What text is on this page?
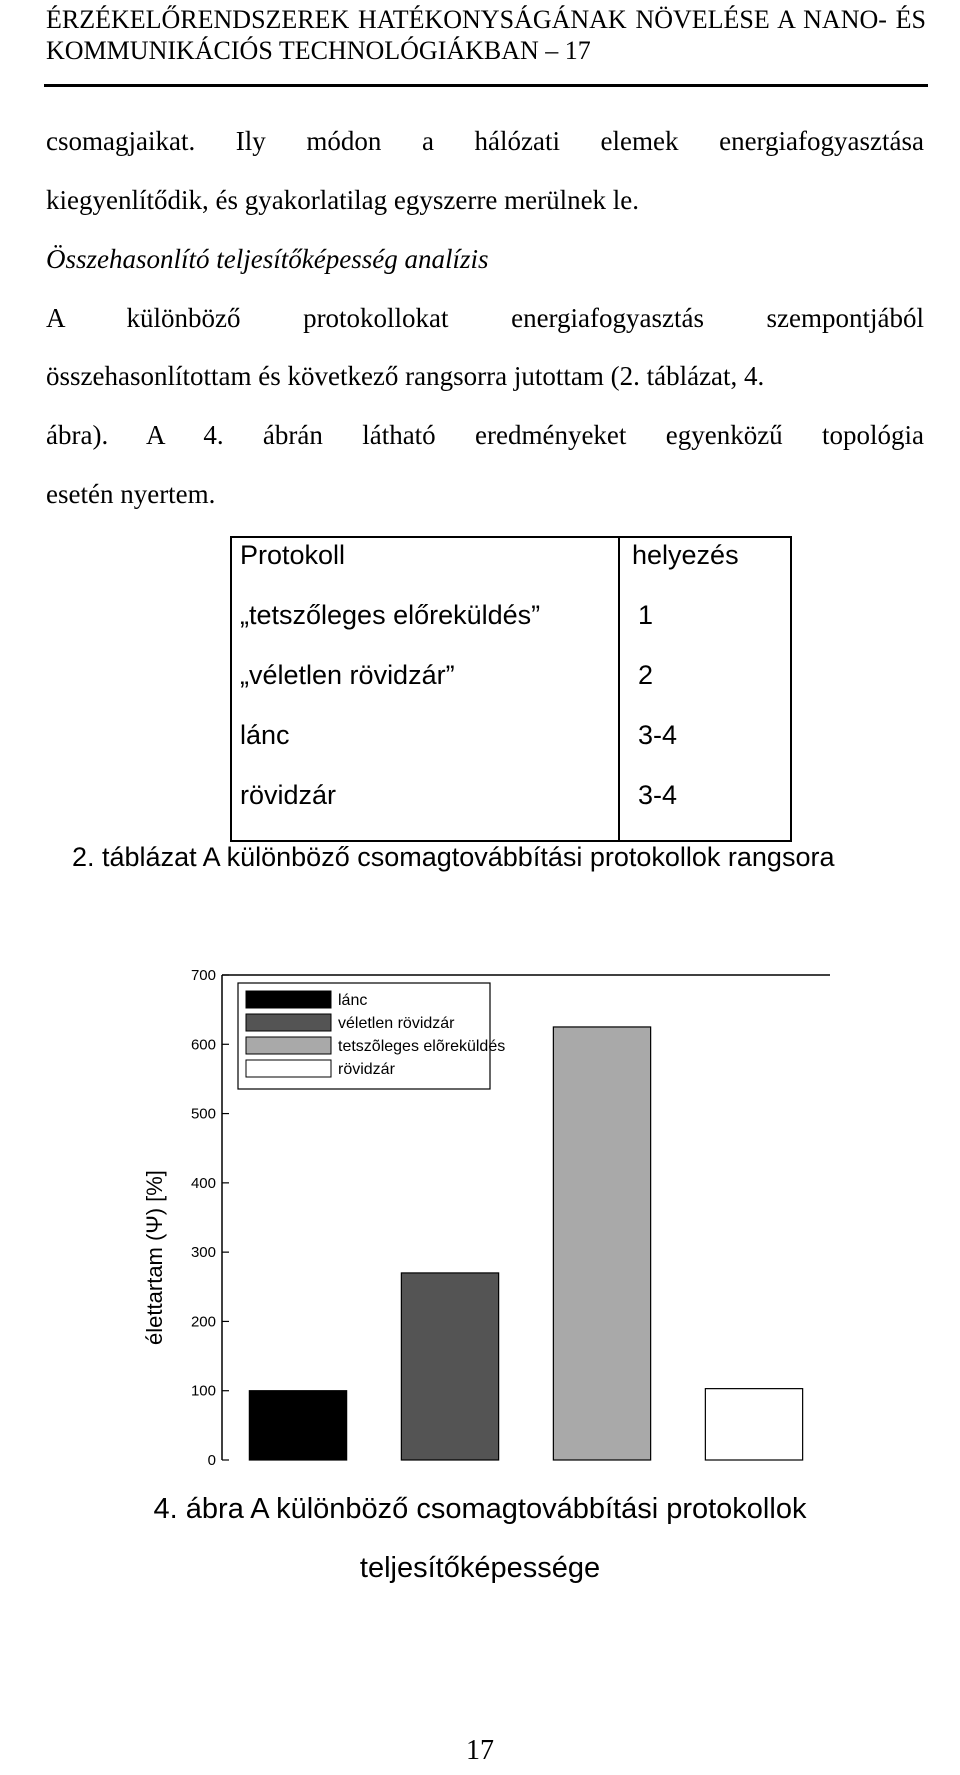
ÉRZÉKELŐRENDSZEREK HATÉKONYSÁGÁNAK NÖVELÉSE A NANO- ÉS
KOMMUNIKÁCIÓS TECHNOLÓGIÁKBAN – 17
csomagjaikat. Ily módon a hálózati elemek energiafogyasztása
kiegyenlítődik, és gyakorlatilag egyszerre merülnek le.
Összehasonlító teljesítőképesség analízis
A különböző protokollokat energiafogyasztás szempontjából
összehasonlítottam és következő rangsorra jutottam (2. táblázat, 4.
ábra). A 4. ábrán látható eredményeket egyenközű topológia
esetén nyertem.
Protokoll	helyezés
„tetszőleges előreküldés”	1
„véletlen rövidzár”	2
lánc	3-4
rövidzár	3-4
2. táblázat A különböző csomagtovábbítási protokollok rangsora
0
100
200
300
400
500
600
700
lánc
véletlen rövidzár
tetszõleges elõreküldés
rövidzár
élettartam (Ψ) [%]
4. ábra A különböző csomagtovábbítási protokollok
teljesítőképessége
17
